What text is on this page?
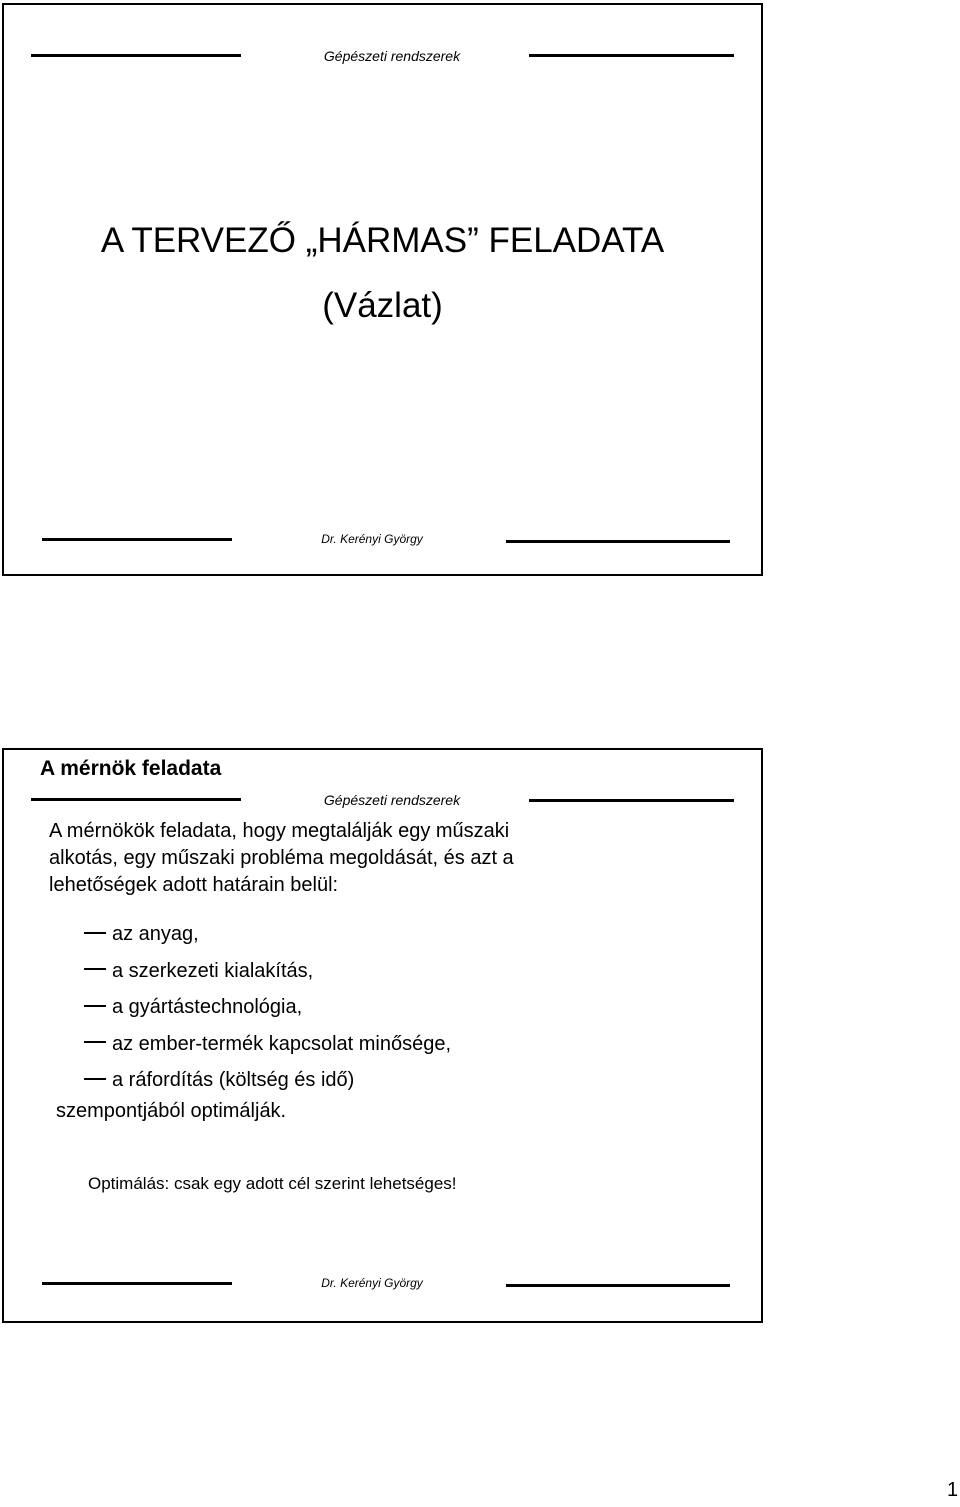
Gépészeti rendszerek
A TERVEZŐ „HÁRMAS” FELADATA
(Vázlat)
Dr. Kerényi György
A mérnök feladata
Gépészeti rendszerek
A mérnökök feladata, hogy megtalálják egy műszaki
alkotás, egy műszaki probléma megoldását, és azt a
lehetőségek adott határain belül:
az anyag,
a szerkezeti kialakítás,
a gyártástechnológia,
az ember-termék kapcsolat minősége,
a ráfordítás (költség és idő)
szempontjából optimálják.
Optimálás: csak egy adott cél szerint lehetséges!
Dr. Kerényi György
1
